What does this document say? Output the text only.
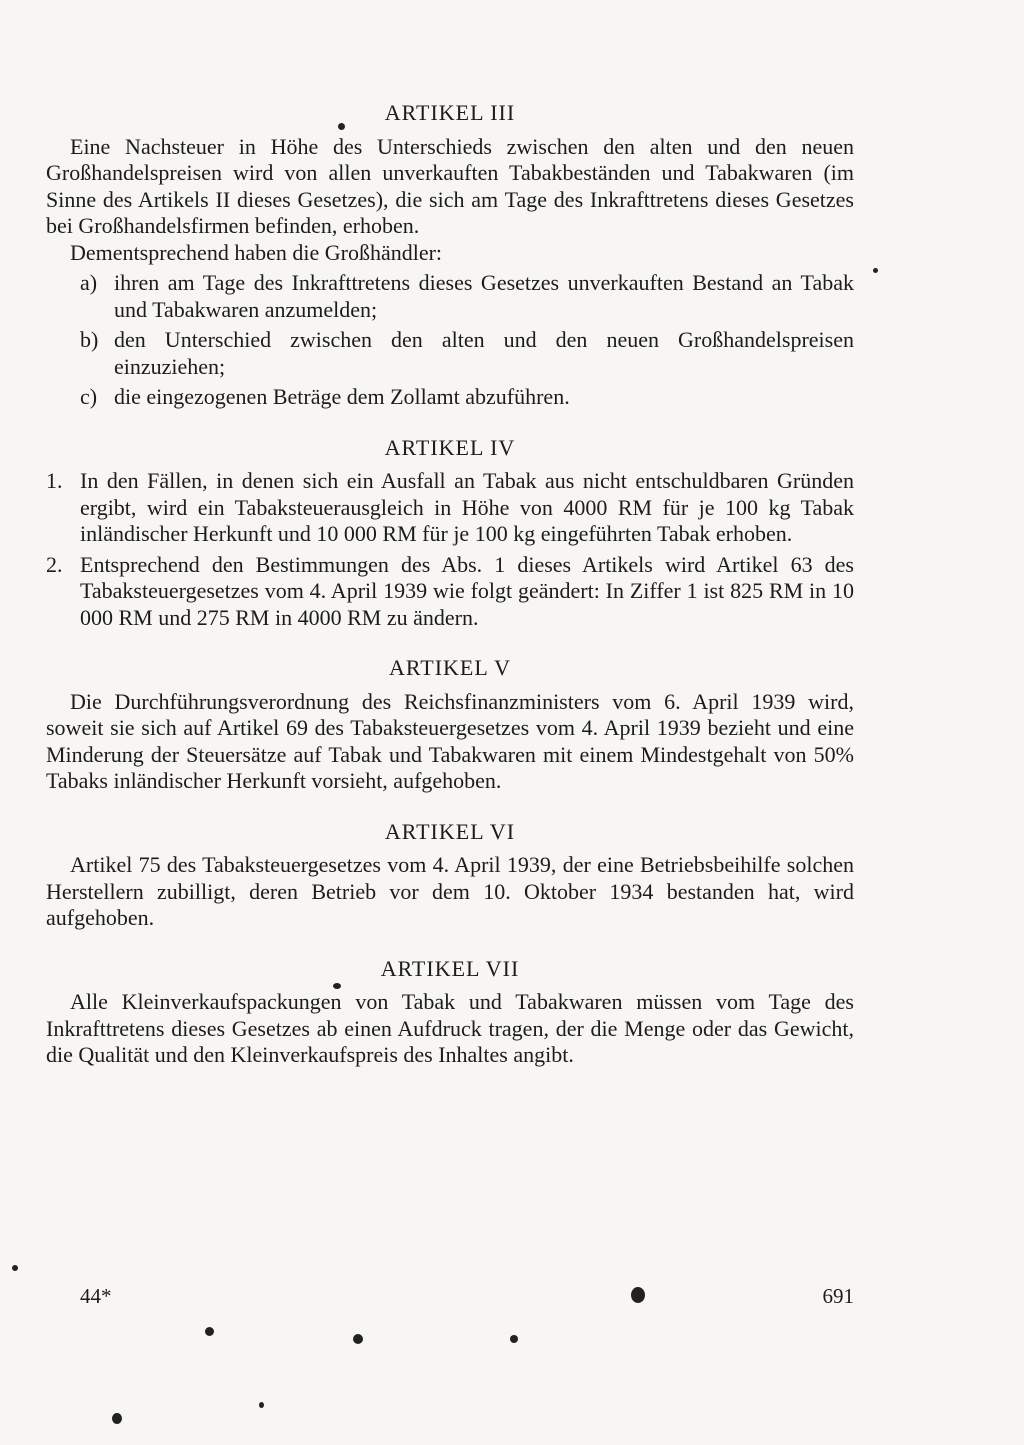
ARTIKEL III

Eine Nachsteuer in Höhe des Unterschieds zwischen den alten und den neuen Großhandelspreisen wird von allen unverkauften Tabakbeständen und Tabakwaren (im Sinne des Artikels II dieses Gesetzes), die sich am Tage des Inkrafttretens dieses Gesetzes bei Großhandelsfirmen befinden, erhoben.

Dementsprechend haben die Großhändler:

a) ihren am Tage des Inkrafttretens dieses Gesetzes unverkauften Bestand an Tabak und Tabakwaren anzumelden;
b) den Unterschied zwischen den alten und den neuen Großhandelspreisen einzuziehen;
c) die eingezogenen Beträge dem Zollamt abzuführen.
ARTIKEL IV
1. In den Fällen, in denen sich ein Ausfall an Tabak aus nicht entschuldbaren Gründen ergibt, wird ein Tabaksteuerausgleich in Höhe von 4000 RM für je 100 kg Tabak inländischer Herkunft und 10 000 RM für je 100 kg eingeführten Tabak erhoben.
2. Entsprechend den Bestimmungen des Abs. 1 dieses Artikels wird Artikel 63 des Tabaksteuergesetzes vom 4. April 1939 wie folgt geändert: In Ziffer 1 ist 825 RM in 10 000 RM und 275 RM in 4000 RM zu ändern.
ARTIKEL V

Die Durchführungsverordnung des Reichsfinanzministers vom 6. April 1939 wird, soweit sie sich auf Artikel 69 des Tabaksteuergesetzes vom 4. April 1939 bezieht und eine Minderung der Steuersätze auf Tabak und Tabakwaren mit einem Mindestgehalt von 50% Tabaks inländischer Herkunft vorsieht, aufgehoben.

ARTIKEL VI

Artikel 75 des Tabaksteuergesetzes vom 4. April 1939, der eine Betriebsbeihilfe solchen Herstellern zubilligt, deren Betrieb vor dem 10. Oktober 1934 bestanden hat, wird aufgehoben.

ARTIKEL VII

Alle Kleinverkaufspackungen von Tabak und Tabakwaren müssen vom Tage des Inkrafttretens dieses Gesetzes ab einen Aufdruck tragen, der die Menge oder das Gewicht, die Qualität und den Kleinverkaufspreis des Inhaltes angibt.

44*	691
